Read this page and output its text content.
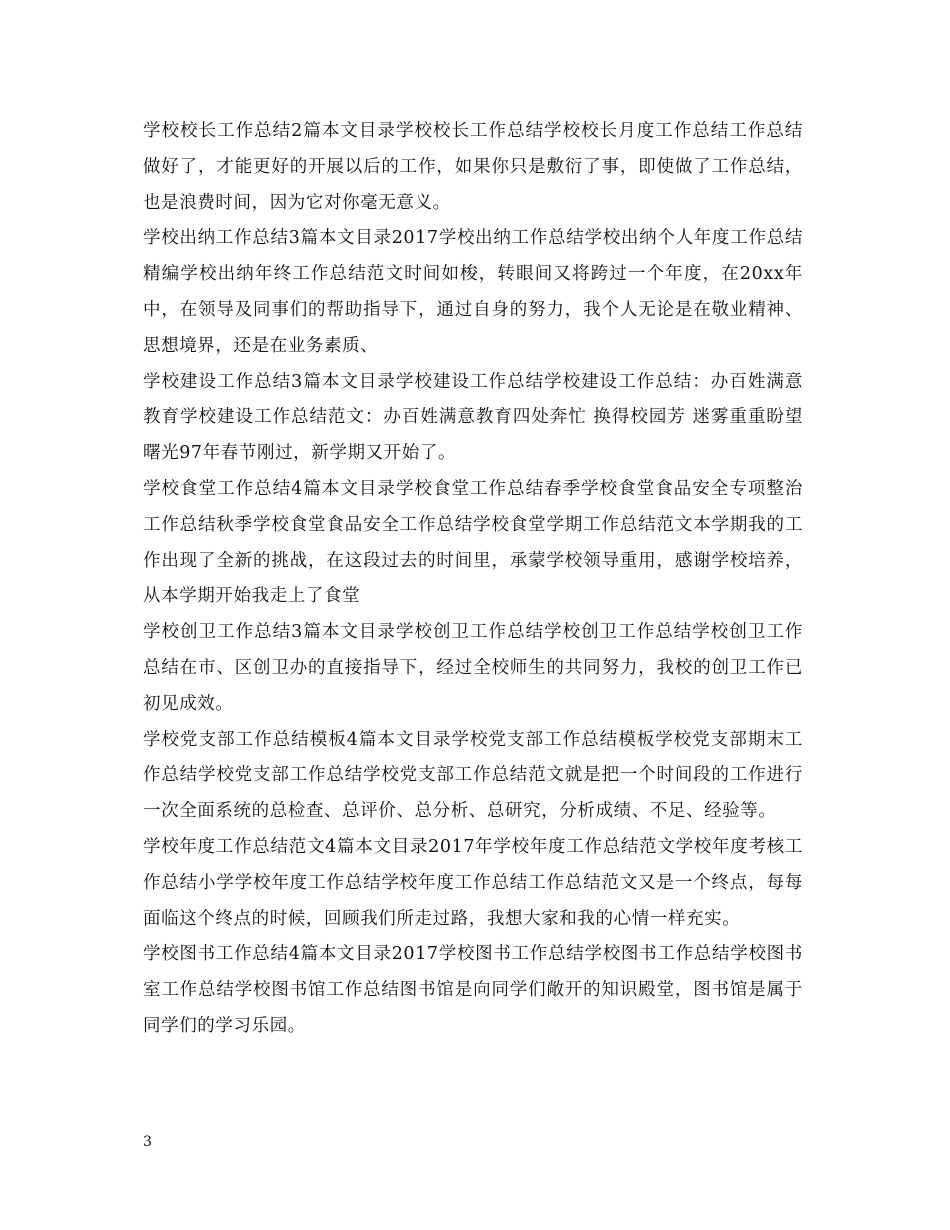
学校校长工作总结2篇本文目录学校校长工作总结学校校长月度工作总结工作总结做好了，才能更好的开展以后的工作，如果你只是敷衍了事，即使做了工作总结，也是浪费时间，因为它对你毫无意义。

学校出纳工作总结3篇本文目录2017学校出纳工作总结学校出纳个人年度工作总结精编学校出纳年终工作总结范文时间如梭，转眼间又将跨过一个年度，在20xx年中，在领导及同事们的帮助指导下，通过自身的努力，我个人无论是在敬业精神、思想境界，还是在业务素质、

学校建设工作总结3篇本文目录学校建设工作总结学校建设工作总结：办百姓满意教育学校建设工作总结范文：办百姓满意教育四处奔忙 换得校园芳 迷雾重重盼望曙光97年春节刚过，新学期又开始了。

学校食堂工作总结4篇本文目录学校食堂工作总结春季学校食堂食品安全专项整治工作总结秋季学校食堂食品安全工作总结学校食堂学期工作总结范文本学期我的工作出现了全新的挑战，在这段过去的时间里，承蒙学校领导重用，感谢学校培养，从本学期开始我走上了食堂

学校创卫工作总结3篇本文目录学校创卫工作总结学校创卫工作总结学校创卫工作总结在市、区创卫办的直接指导下，经过全校师生的共同努力，我校的创卫工作已初见成效。

学校党支部工作总结模板4篇本文目录学校党支部工作总结模板学校党支部期末工作总结学校党支部工作总结学校党支部工作总结范文就是把一个时间段的工作进行一次全面系统的总检查、总评价、总分析、总研究，分析成绩、不足、经验等。

学校年度工作总结范文4篇本文目录2017年学校年度工作总结范文学校年度考核工作总结小学学校年度工作总结学校年度工作总结工作总结范文又是一个终点，每每面临这个终点的时候，回顾我们所走过路，我想大家和我的心情一样充实。

学校图书工作总结4篇本文目录2017学校图书工作总结学校图书工作总结学校图书室工作总结学校图书馆工作总结图书馆是向同学们敞开的知识殿堂，图书馆是属于同学们的学习乐园。

3
